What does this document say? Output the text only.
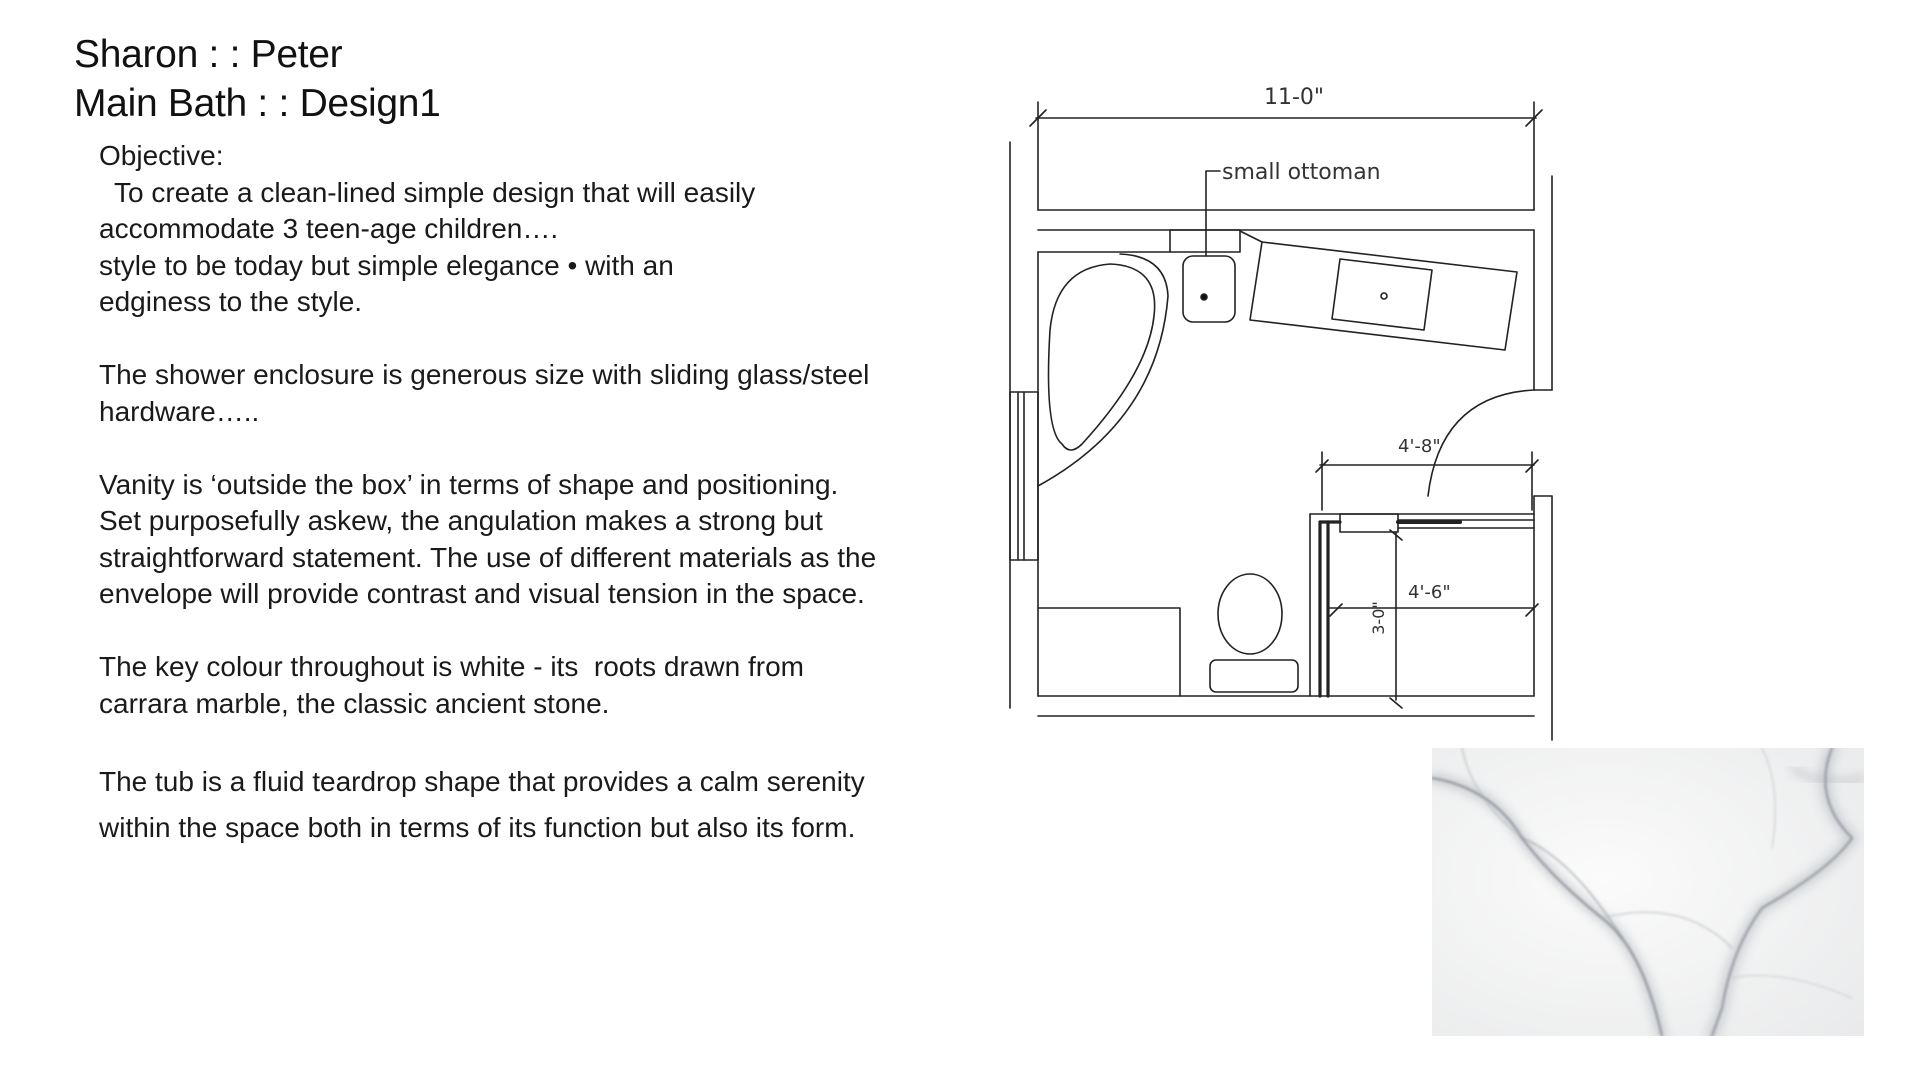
Sharon : : Peter
Main Bath : : Design1
Objective:
To create a clean-lined simple design that will easily
accommodate 3 teen-age children….
style to be today but simple elegance • with an
edginess to the style.
The shower enclosure is generous size with sliding glass/steel
hardware…..
Vanity is ‘outside the box’ in terms of shape and positioning.
Set purposefully askew, the angulation makes a strong but
straightforward statement. The use of different materials as the
envelope will provide contrast and visual tension in the space.
The key colour throughout is white - its  roots drawn from
carrara marble, the classic ancient stone.
The tub is a fluid teardrop shape that provides a calm serenity
within the space both in terms of its function but also its form.
11-0"
small ottoman
4'-8"
4'-6"
3-0"
